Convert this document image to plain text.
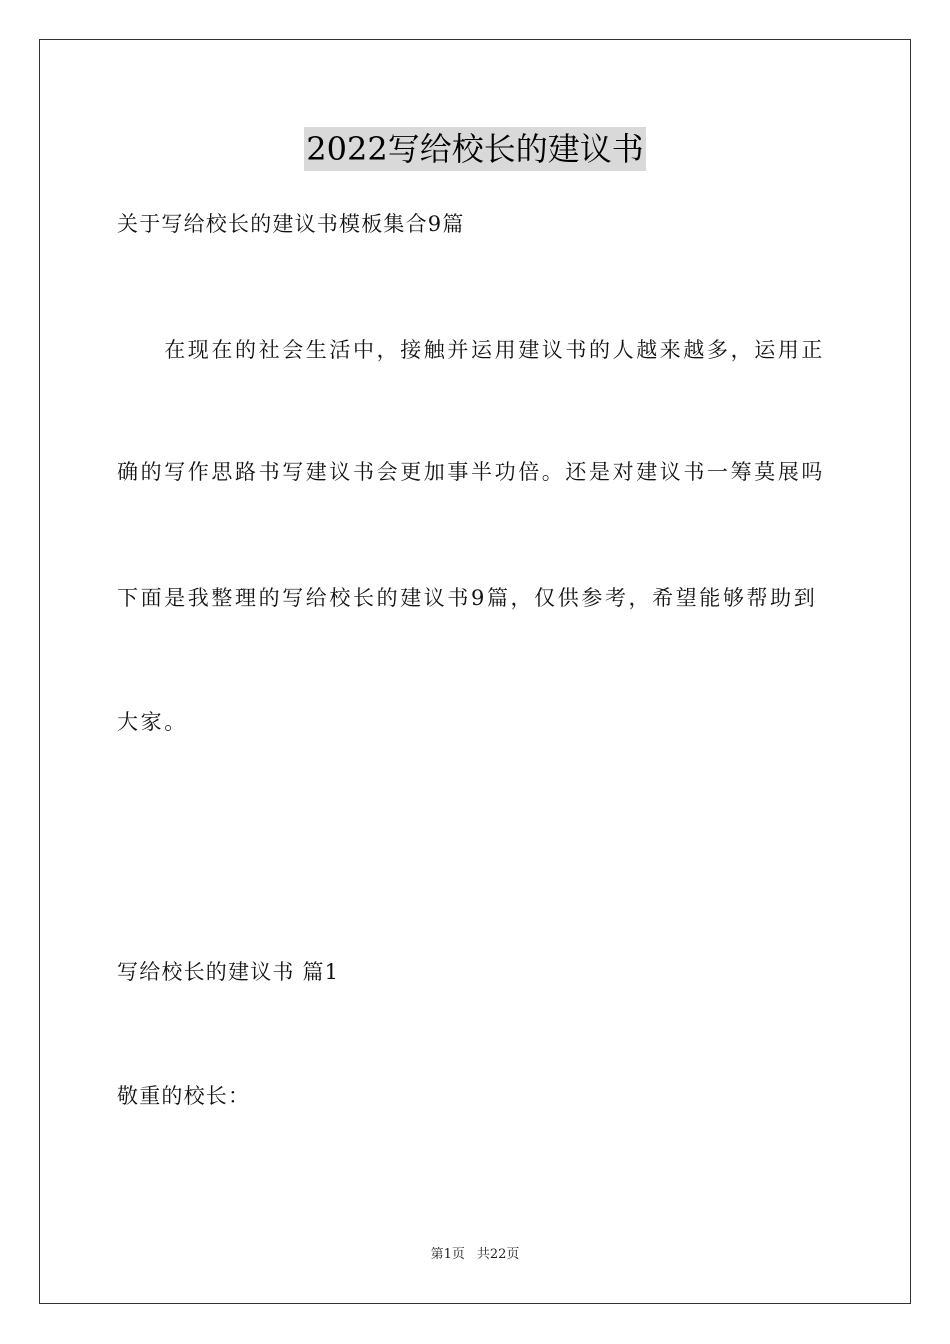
2022写给校长的建议书
关于写给校长的建议书模板集合9篇
　　在现在的社会生活中，接触并运用建议书的人越来越多，运用正
确的写作思路书写建议书会更加事半功倍。还是对建议书一筹莫展吗
下面是我整理的写给校长的建议书9篇，仅供参考，希望能够帮助到
大家。
写给校长的建议书 篇1
敬重的校长：
第1页 共22页
